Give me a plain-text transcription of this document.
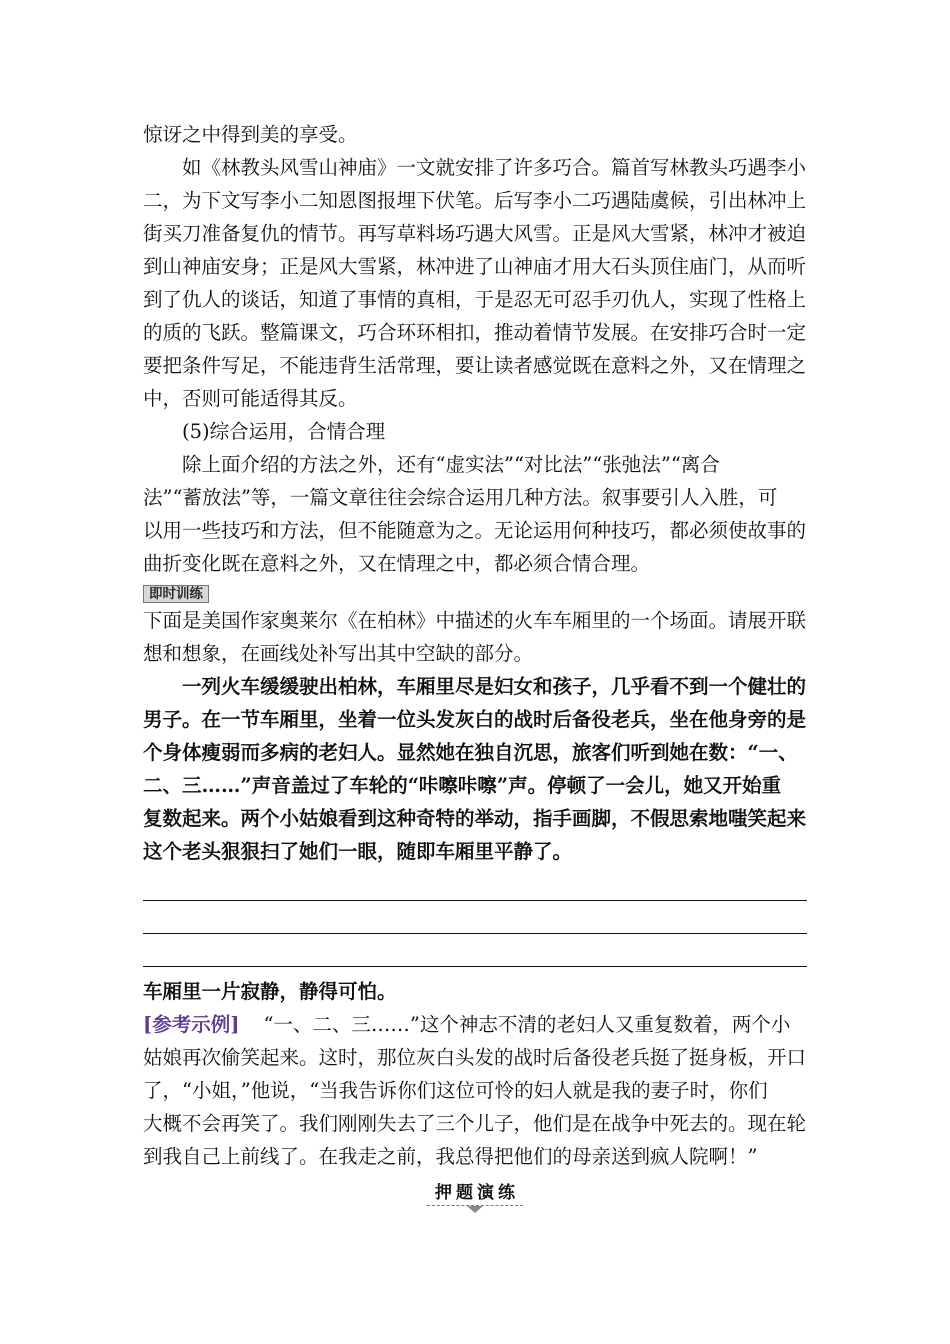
惊讶之中得到美的享受。
如《林教头风雪山神庙》一文就安排了许多巧合。篇首写林教头巧遇李小
二，为下文写李小二知恩图报埋下伏笔。后写李小二巧遇陆虞候，引出林冲上
街买刀准备复仇的情节。再写草料场巧遇大风雪。正是风大雪紧，林冲才被迫
到山神庙安身；正是风大雪紧，林冲进了山神庙才用大石头顶住庙门，从而听
到了仇人的谈话，知道了事情的真相，于是忍无可忍手刃仇人，实现了性格上
的质的飞跃。整篇课文，巧合环环相扣，推动着情节发展。在安排巧合时一定
要把条件写足，不能违背生活常理，要让读者感觉既在意料之外，又在情理之
中，否则可能适得其反。
(5)综合运用，合情合理
除上面介绍的方法之外，还有“虚实法”“对比法”“张弛法”“离合
法”“蓄放法”等，一篇文章往往会综合运用几种方法。叙事要引人入胜，可
以用一些技巧和方法，但不能随意为之。无论运用何种技巧，都必须使故事的
曲折变化既在意料之外，又在情理之中，都必须合情合理。
即时训练
下面是美国作家奥莱尔《在柏林》中描述的火车车厢里的一个场面。请展开联
想和想象，在画线处补写出其中空缺的部分。
一列火车缓缓驶出柏林，车厢里尽是妇女和孩子，几乎看不到一个健壮的
男子。在一节车厢里，坐着一位头发灰白的战时后备役老兵，坐在他身旁的是
个身体瘦弱而多病的老妇人。显然她在独自沉思，旅客们听到她在数：“一、
二、三……”声音盖过了车轮的“咔嚓咔嚓”声。停顿了一会儿，她又开始重
复数起来。两个小姑娘看到这种奇特的举动，指手画脚，不假思索地嗤笑起来
这个老头狠狠扫了她们一眼，随即车厢里平静了。
车厢里一片寂静，静得可怕。
[参考示例] “一、二、三……”这个神志不清的老妇人又重复数着，两个小
姑娘再次偷笑起来。这时，那位灰白头发的战时后备役老兵挺了挺身板，开口
了，“小姐，”他说，“当我告诉你们这位可怜的妇人就是我的妻子时，你们
大概不会再笑了。我们刚刚失去了三个儿子，他们是在战争中死去的。现在轮
到我自己上前线了。在我走之前，我总得把他们的母亲送到疯人院啊！”
押题演练
